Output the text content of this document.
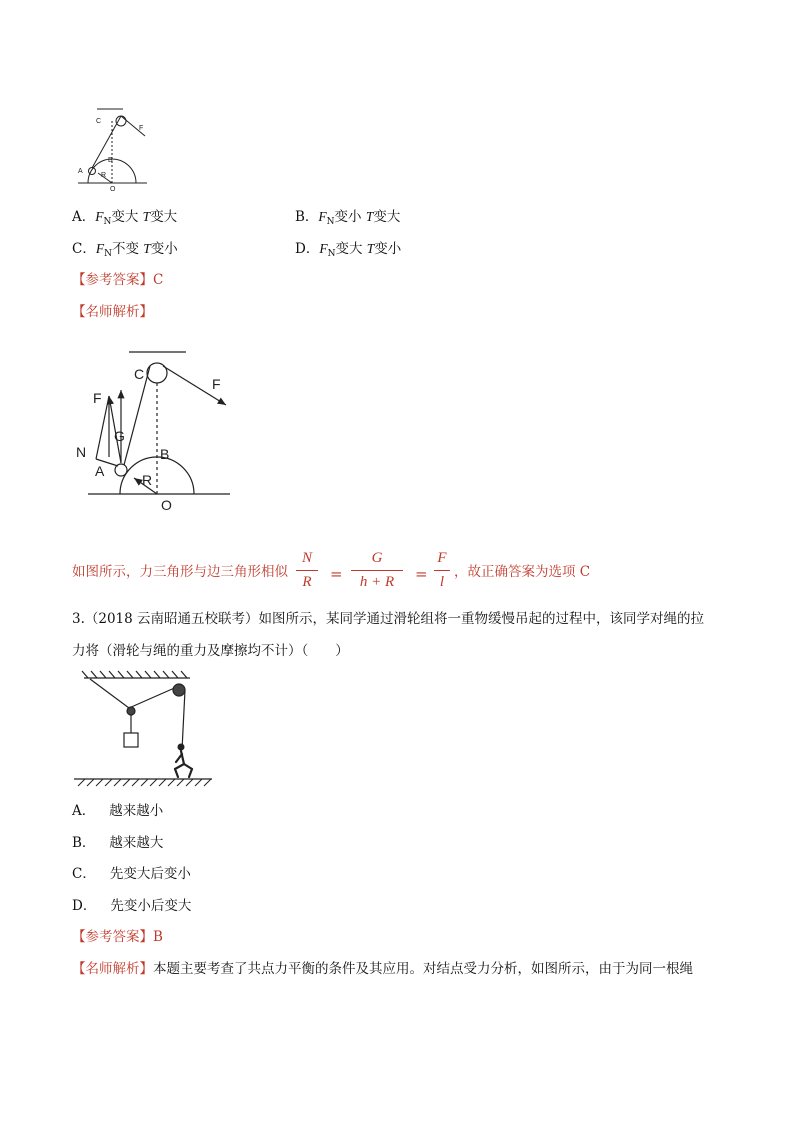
C
F
B
A
R
O
A．$F_N$变大 T变大	B．$F_N$变小 T变大
C．$F_N$不变 T变小	D．$F_N$变大 T变小
【参考答案】C
【名师解析】
C
F
F
G
N
A
B
R
O
如图所示，力三角形与边三角形相似
N
R	=
G
h + R	=
F
l
，故正确答案为选项 C
3.（2018 云南昭通五校联考）如图所示，某同学通过滑轮组将一重物缓慢吊起的过程中，该同学对绳的拉
力将（滑轮与绳的重力及摩擦均不计）（　　）
A． 越来越小
B． 越来越大
C． 先变大后变小
D． 先变小后变大
【参考答案】B
【名师解析】本题主要考查了共点力平衡的条件及其应用。对结点受力分析，如图所示，由于为同一根绳
